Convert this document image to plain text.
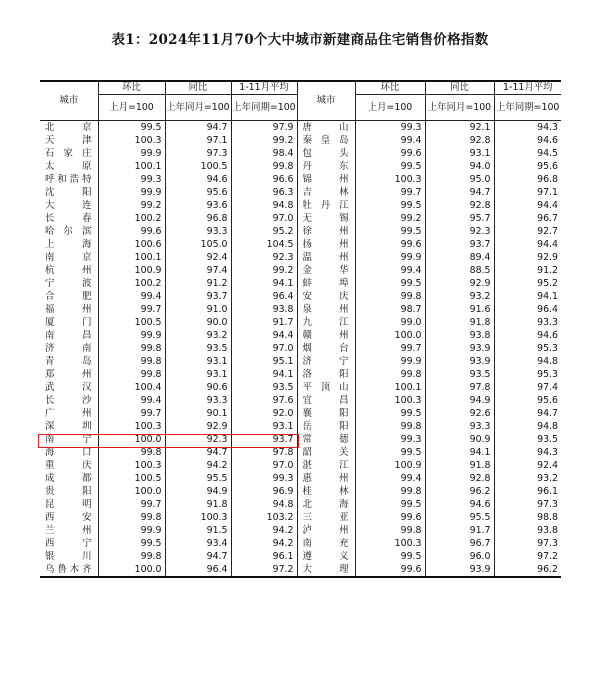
表1：2024年11月70个大中城市新建商品住宅销售价格指数
城市	环比	同比	1-11月平均	城市	环比	同比	1-11月平均
	上月=100	上年同月=100	上年同期=100		上月=100	上年同月=100	上年同期=100
北京	99.5	94.7	97.9	唐山	99.3	92.1	94.3
天津	100.3	97.1	99.2	秦皇岛	99.4	92.8	94.6
石家庄	99.9	97.3	98.4	包头	99.6	93.1	94.5
太原	100.1	100.5	99.8	丹东	99.5	94.0	95.6
呼和浩特	99.3	94.6	96.6	锦州	100.3	95.0	96.8
沈阳	99.9	95.6	96.3	吉林	99.7	94.7	97.1
大连	99.2	93.6	94.8	牡丹江	99.5	92.8	94.4
长春	100.2	96.8	97.0	无锡	99.2	95.7	96.7
哈尔滨	99.6	93.3	95.2	徐州	99.5	92.3	92.7
上海	100.6	105.0	104.5	扬州	99.6	93.7	94.4
南京	100.1	92.4	92.3	温州	99.9	89.4	92.9
杭州	100.9	97.4	99.2	金华	99.4	88.5	91.2
宁波	100.2	91.2	94.1	蚌埠	99.5	92.9	95.2
合肥	99.4	93.7	96.4	安庆	99.8	93.2	94.1
福州	99.7	91.0	93.8	泉州	98.7	91.6	96.4
厦门	100.5	90.0	91.7	九江	99.0	91.8	93.3
南昌	99.9	93.2	94.4	赣州	100.0	93.8	94.6
济南	99.8	93.5	97.0	烟台	99.7	93.9	95.3
青岛	99.8	93.1	95.1	济宁	99.9	93.9	94.8
郑州	99.8	93.1	94.1	洛阳	99.8	93.5	95.3
武汉	100.4	90.6	93.5	平顶山	100.1	97.8	97.4
长沙	99.4	93.3	97.6	宜昌	100.3	94.9	95.6
广州	99.7	90.1	92.0	襄阳	99.5	92.6	94.7
深圳	100.3	92.9	93.1	岳阳	99.8	93.3	94.8
南宁	100.0	92.3	93.7	常德	99.3	90.9	93.5
海口	99.8	94.7	97.8	韶关	99.5	94.1	94.3
重庆	100.3	94.2	97.0	湛江	100.9	91.8	92.4
成都	100.5	95.5	99.3	惠州	99.4	92.8	93.2
贵阳	100.0	94.9	96.9	桂林	99.8	96.2	96.1
昆明	99.7	91.8	94.8	北海	99.5	94.6	97.3
西安	99.8	100.3	103.2	三亚	99.6	95.5	98.8
兰州	99.9	91.5	94.2	泸州	99.8	91.7	93.8
西宁	99.5	93.4	94.2	南充	100.3	96.7	97.3
银川	99.8	94.7	96.1	遵义	99.5	96.0	97.2
乌鲁木齐	100.0	96.4	97.2	大理	99.6	93.9	96.2
